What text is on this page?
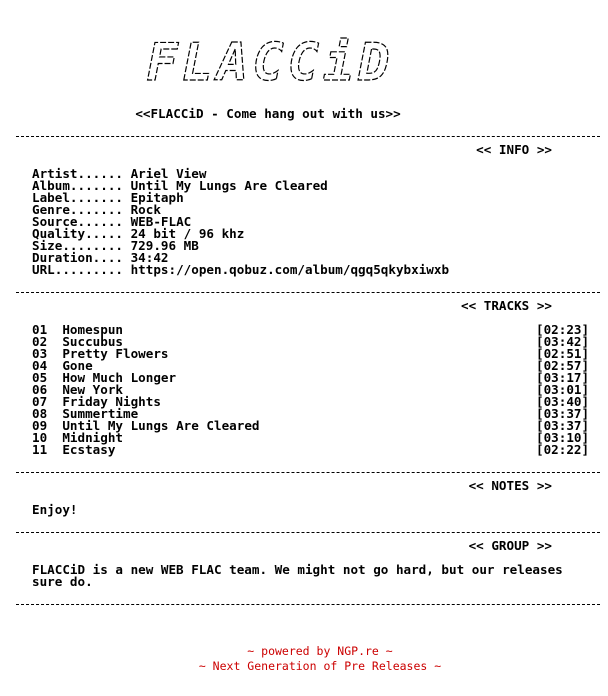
FLACCiD
<<FLACCiD - Come hang out with us>>
<< INFO >>
Artist...... Ariel View
Album....... Until My Lungs Are Cleared
Label....... Epitaph
Genre....... Rock
Source...... WEB-FLAC
Quality..... 24 bit / 96 khz
Size........ 729.96 MB
Duration.... 34:42
URL......... https://open.qobuz.com/album/qgq5qkybxiwxb
<< TRACKS >>
01 Homespun	[02:23]
02 Succubus	[03:42]
03 Pretty Flowers	[02:51]
04 Gone	[02:57]
05 How Much Longer	[03:17]
06 New York	[03:01]
07 Friday Nights	[03:40]
08 Summertime	[03:37]
09 Until My Lungs Are Cleared	[03:37]
10 Midnight	[03:10]
11 Ecstasy	[02:22]
<< NOTES >>
Enjoy!
<< GROUP >>
FLACCiD is a new WEB FLAC team. We might not go hard, but our releases
sure do.
~ powered by NGP.re ~
~ Next Generation of Pre Releases ~
